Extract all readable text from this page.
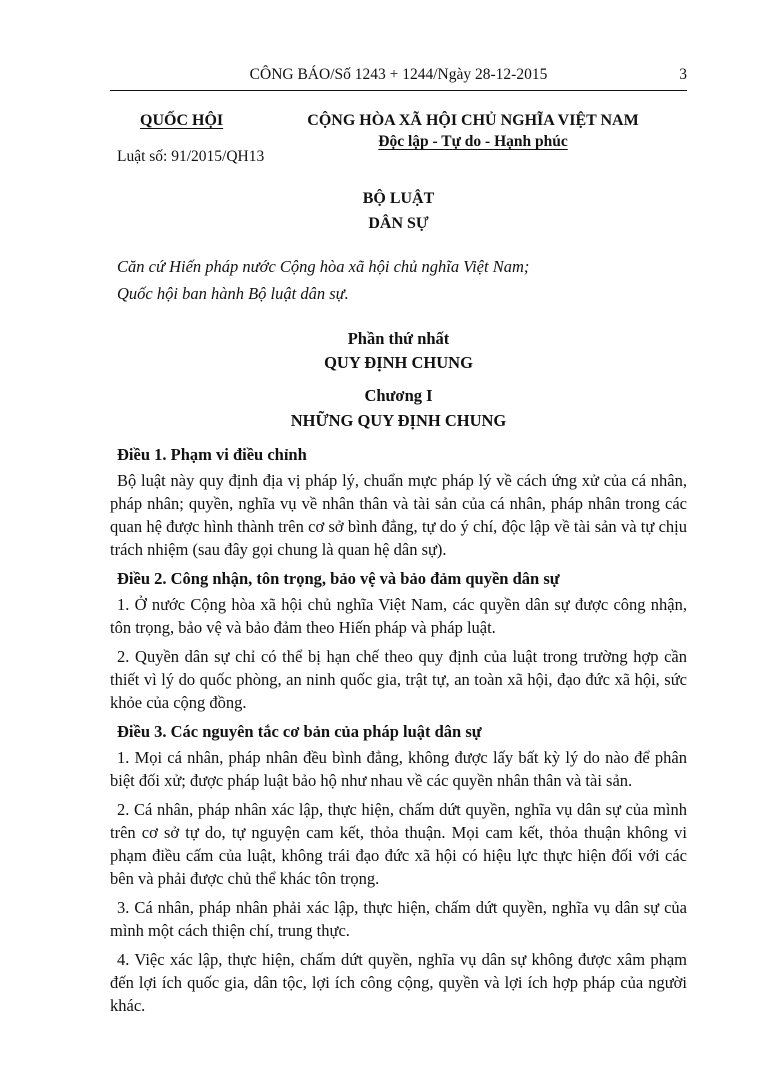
CÔNG BÁO/Số 1243 + 1244/Ngày 28-12-2015	3
QUỐC HỘI
Luật số: 91/2015/QH13
CỘNG HÒA XÃ HỘI CHỦ NGHĨA VIỆT NAM
Độc lập - Tự do - Hạnh phúc
BỘ LUẬT
DÂN SỰ
Căn cứ Hiến pháp nước Cộng hòa xã hội chủ nghĩa Việt Nam;
Quốc hội ban hành Bộ luật dân sự.
Phần thứ nhất
QUY ĐỊNH CHUNG
Chương I
NHỮNG QUY ĐỊNH CHUNG
Điều 1. Phạm vi điều chỉnh

Bộ luật này quy định địa vị pháp lý, chuẩn mực pháp lý về cách ứng xử của cá nhân, pháp nhân; quyền, nghĩa vụ về nhân thân và tài sản của cá nhân, pháp nhân trong các quan hệ được hình thành trên cơ sở bình đẳng, tự do ý chí, độc lập về tài sản và tự chịu trách nhiệm (sau đây gọi chung là quan hệ dân sự).

Điều 2. Công nhận, tôn trọng, bảo vệ và bảo đảm quyền dân sự

1. Ở nước Cộng hòa xã hội chủ nghĩa Việt Nam, các quyền dân sự được công nhận, tôn trọng, bảo vệ và bảo đảm theo Hiến pháp và pháp luật.

2. Quyền dân sự chỉ có thể bị hạn chế theo quy định của luật trong trường hợp cần thiết vì lý do quốc phòng, an ninh quốc gia, trật tự, an toàn xã hội, đạo đức xã hội, sức khỏe của cộng đồng.

Điều 3. Các nguyên tắc cơ bản của pháp luật dân sự

1. Mọi cá nhân, pháp nhân đều bình đẳng, không được lấy bất kỳ lý do nào để phân biệt đối xử; được pháp luật bảo hộ như nhau về các quyền nhân thân và tài sản.

2. Cá nhân, pháp nhân xác lập, thực hiện, chấm dứt quyền, nghĩa vụ dân sự của mình trên cơ sở tự do, tự nguyện cam kết, thỏa thuận. Mọi cam kết, thỏa thuận không vi phạm điều cấm của luật, không trái đạo đức xã hội có hiệu lực thực hiện đối với các bên và phải được chủ thể khác tôn trọng.

3. Cá nhân, pháp nhân phải xác lập, thực hiện, chấm dứt quyền, nghĩa vụ dân sự của mình một cách thiện chí, trung thực.

4. Việc xác lập, thực hiện, chấm dứt quyền, nghĩa vụ dân sự không được xâm phạm đến lợi ích quốc gia, dân tộc, lợi ích công cộng, quyền và lợi ích hợp pháp của người khác.
